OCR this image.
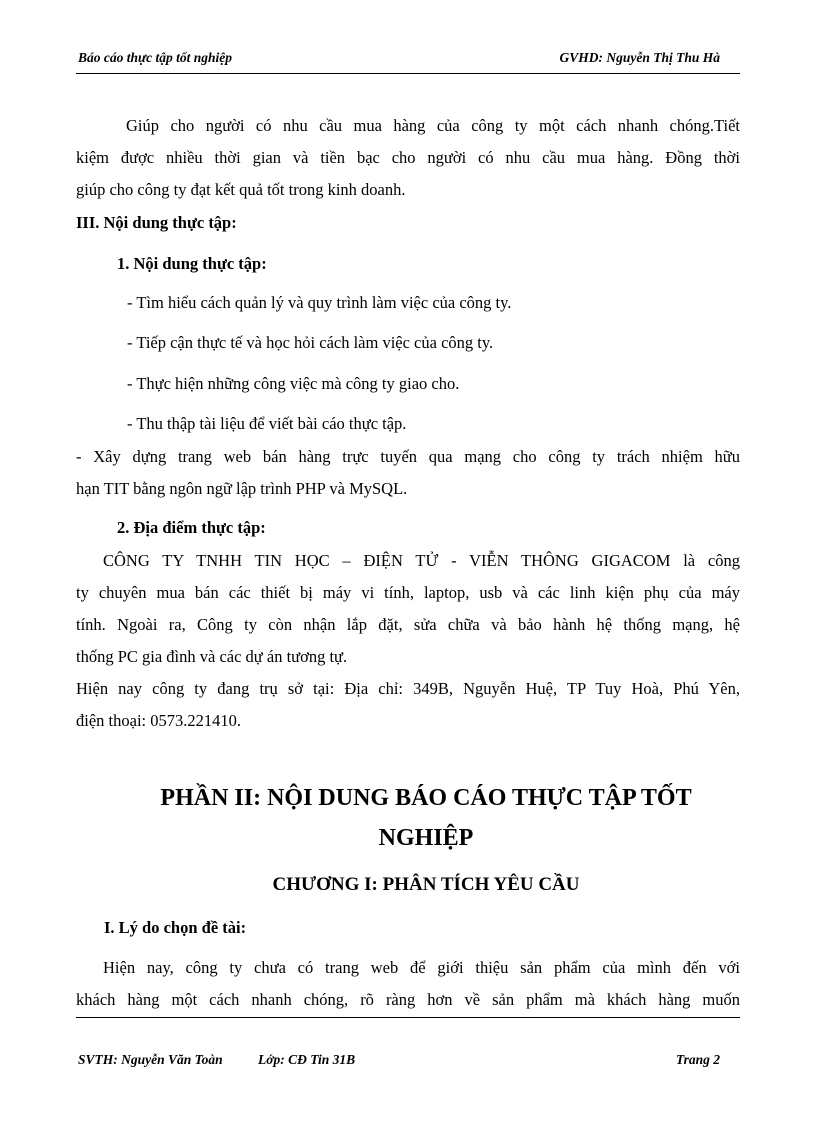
Báo cáo thực tập tốt nghiệp	GVHD: Nguyễn Thị Thu Hà
Giúp cho người có nhu cầu mua hàng của công ty một cách nhanh chóng.Tiết
kiệm được nhiều thời gian và tiền bạc cho người có nhu cầu mua hàng. Đồng thời
giúp cho công ty đạt kết quả tốt trong kinh doanh.
III. Nội dung thực tập:
1. Nội dung thực tập:
- Tìm hiểu cách quản lý và quy trình làm việc của công ty.
- Tiếp cận thực tế và học hỏi cách làm việc của công ty.
- Thực hiện những công việc mà công ty giao cho.
- Thu thập tài liệu để viết bài cáo thực tập.
- Xây dựng trang web bán hàng trực tuyến qua mạng cho công ty trách nhiệm hữu
hạn TIT bằng ngôn ngữ lập trình PHP và MySQL.
2. Địa điểm thực tập:
CÔNG TY TNHH TIN HỌC – ĐIỆN TỬ - VIỄN THÔNG GIGACOM là công
ty chuyên mua bán các thiết bị máy vi tính, laptop, usb và các linh kiện phụ của máy
tính. Ngoài ra, Công ty còn nhận lắp đặt, sửa chữa và bảo hành hệ thống mạng, hệ
thống PC gia đình và các dự án tương tự.
Hiện nay công ty đang trụ sở tại: Địa chỉ: 349B, Nguyễn Huệ, TP Tuy Hoà, Phú Yên,
điện thoại: 0573.221410.
PHẦN II: NỘI DUNG BÁO CÁO THỰC TẬP TỐT
NGHIỆP
CHƯƠNG I: PHÂN TÍCH YÊU CẦU
I. Lý do chọn đề tài:
Hiện nay, công ty chưa có trang web để giới thiệu sản phẩm của mình đến với
khách hàng một cách nhanh chóng, rõ ràng hơn về sản phẩm mà khách hàng muốn
SVTH: Nguyễn Văn Toàn	Lớp: CĐ Tin 31B	Trang 2
